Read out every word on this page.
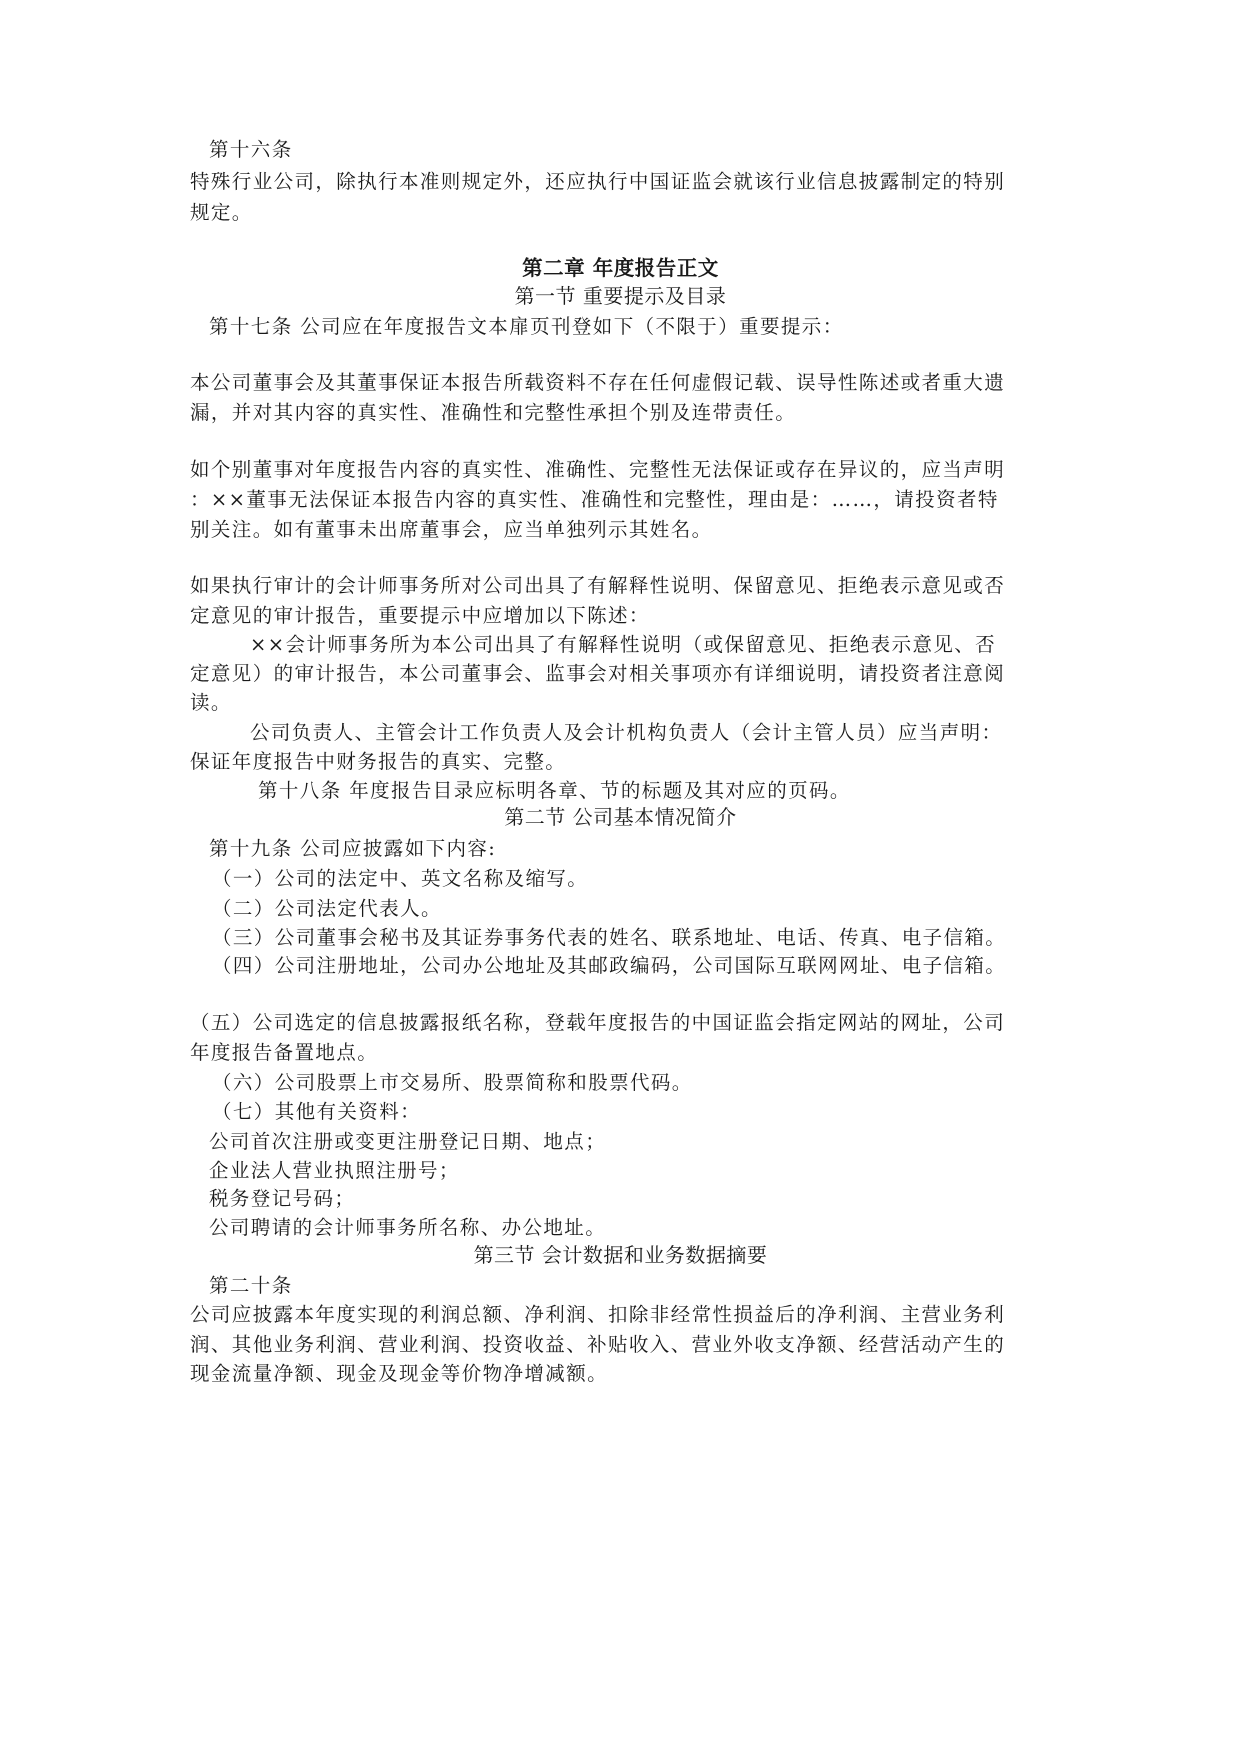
第十六条
特殊行业公司，除执行本准则规定外，还应执行中国证监会就该行业信息披露制定的特别
规定。
第二章 年度报告正文
第一节 重要提示及目录
第十七条 公司应在年度报告文本扉页刊登如下（不限于）重要提示：
本公司董事会及其董事保证本报告所载资料不存在任何虚假记载、误导性陈述或者重大遗
漏，并对其内容的真实性、准确性和完整性承担个别及连带责任。
如个别董事对年度报告内容的真实性、准确性、完整性无法保证或存在异议的，应当声明
：××董事无法保证本报告内容的真实性、准确性和完整性，理由是：……，请投资者特
别关注。如有董事未出席董事会，应当单独列示其姓名。
如果执行审计的会计师事务所对公司出具了有解释性说明、保留意见、拒绝表示意见或否
定意见的审计报告，重要提示中应增加以下陈述：
××会计师事务所为本公司出具了有解释性说明（或保留意见、拒绝表示意见、否
定意见）的审计报告，本公司董事会、监事会对相关事项亦有详细说明，请投资者注意阅
读。
公司负责人、主管会计工作负责人及会计机构负责人（会计主管人员）应当声明：
保证年度报告中财务报告的真实、完整。
第十八条 年度报告目录应标明各章、节的标题及其对应的页码。
第二节 公司基本情况简介
第十九条 公司应披露如下内容:
（一）公司的法定中、英文名称及缩写。
（二）公司法定代表人。
（三）公司董事会秘书及其证券事务代表的姓名、联系地址、电话、传真、电子信箱。
（四）公司注册地址，公司办公地址及其邮政编码，公司国际互联网网址、电子信箱。
（五）公司选定的信息披露报纸名称，登载年度报告的中国证监会指定网站的网址，公司
年度报告备置地点。
（六）公司股票上市交易所、股票简称和股票代码。
（七）其他有关资料：
公司首次注册或变更注册登记日期、地点；
企业法人营业执照注册号；
税务登记号码；
公司聘请的会计师事务所名称、办公地址。
第三节 会计数据和业务数据摘要
第二十条
公司应披露本年度实现的利润总额、净利润、扣除非经常性损益后的净利润、主营业务利
润、其他业务利润、营业利润、投资收益、补贴收入、营业外收支净额、经营活动产生的
现金流量净额、现金及现金等价物净增减额。
